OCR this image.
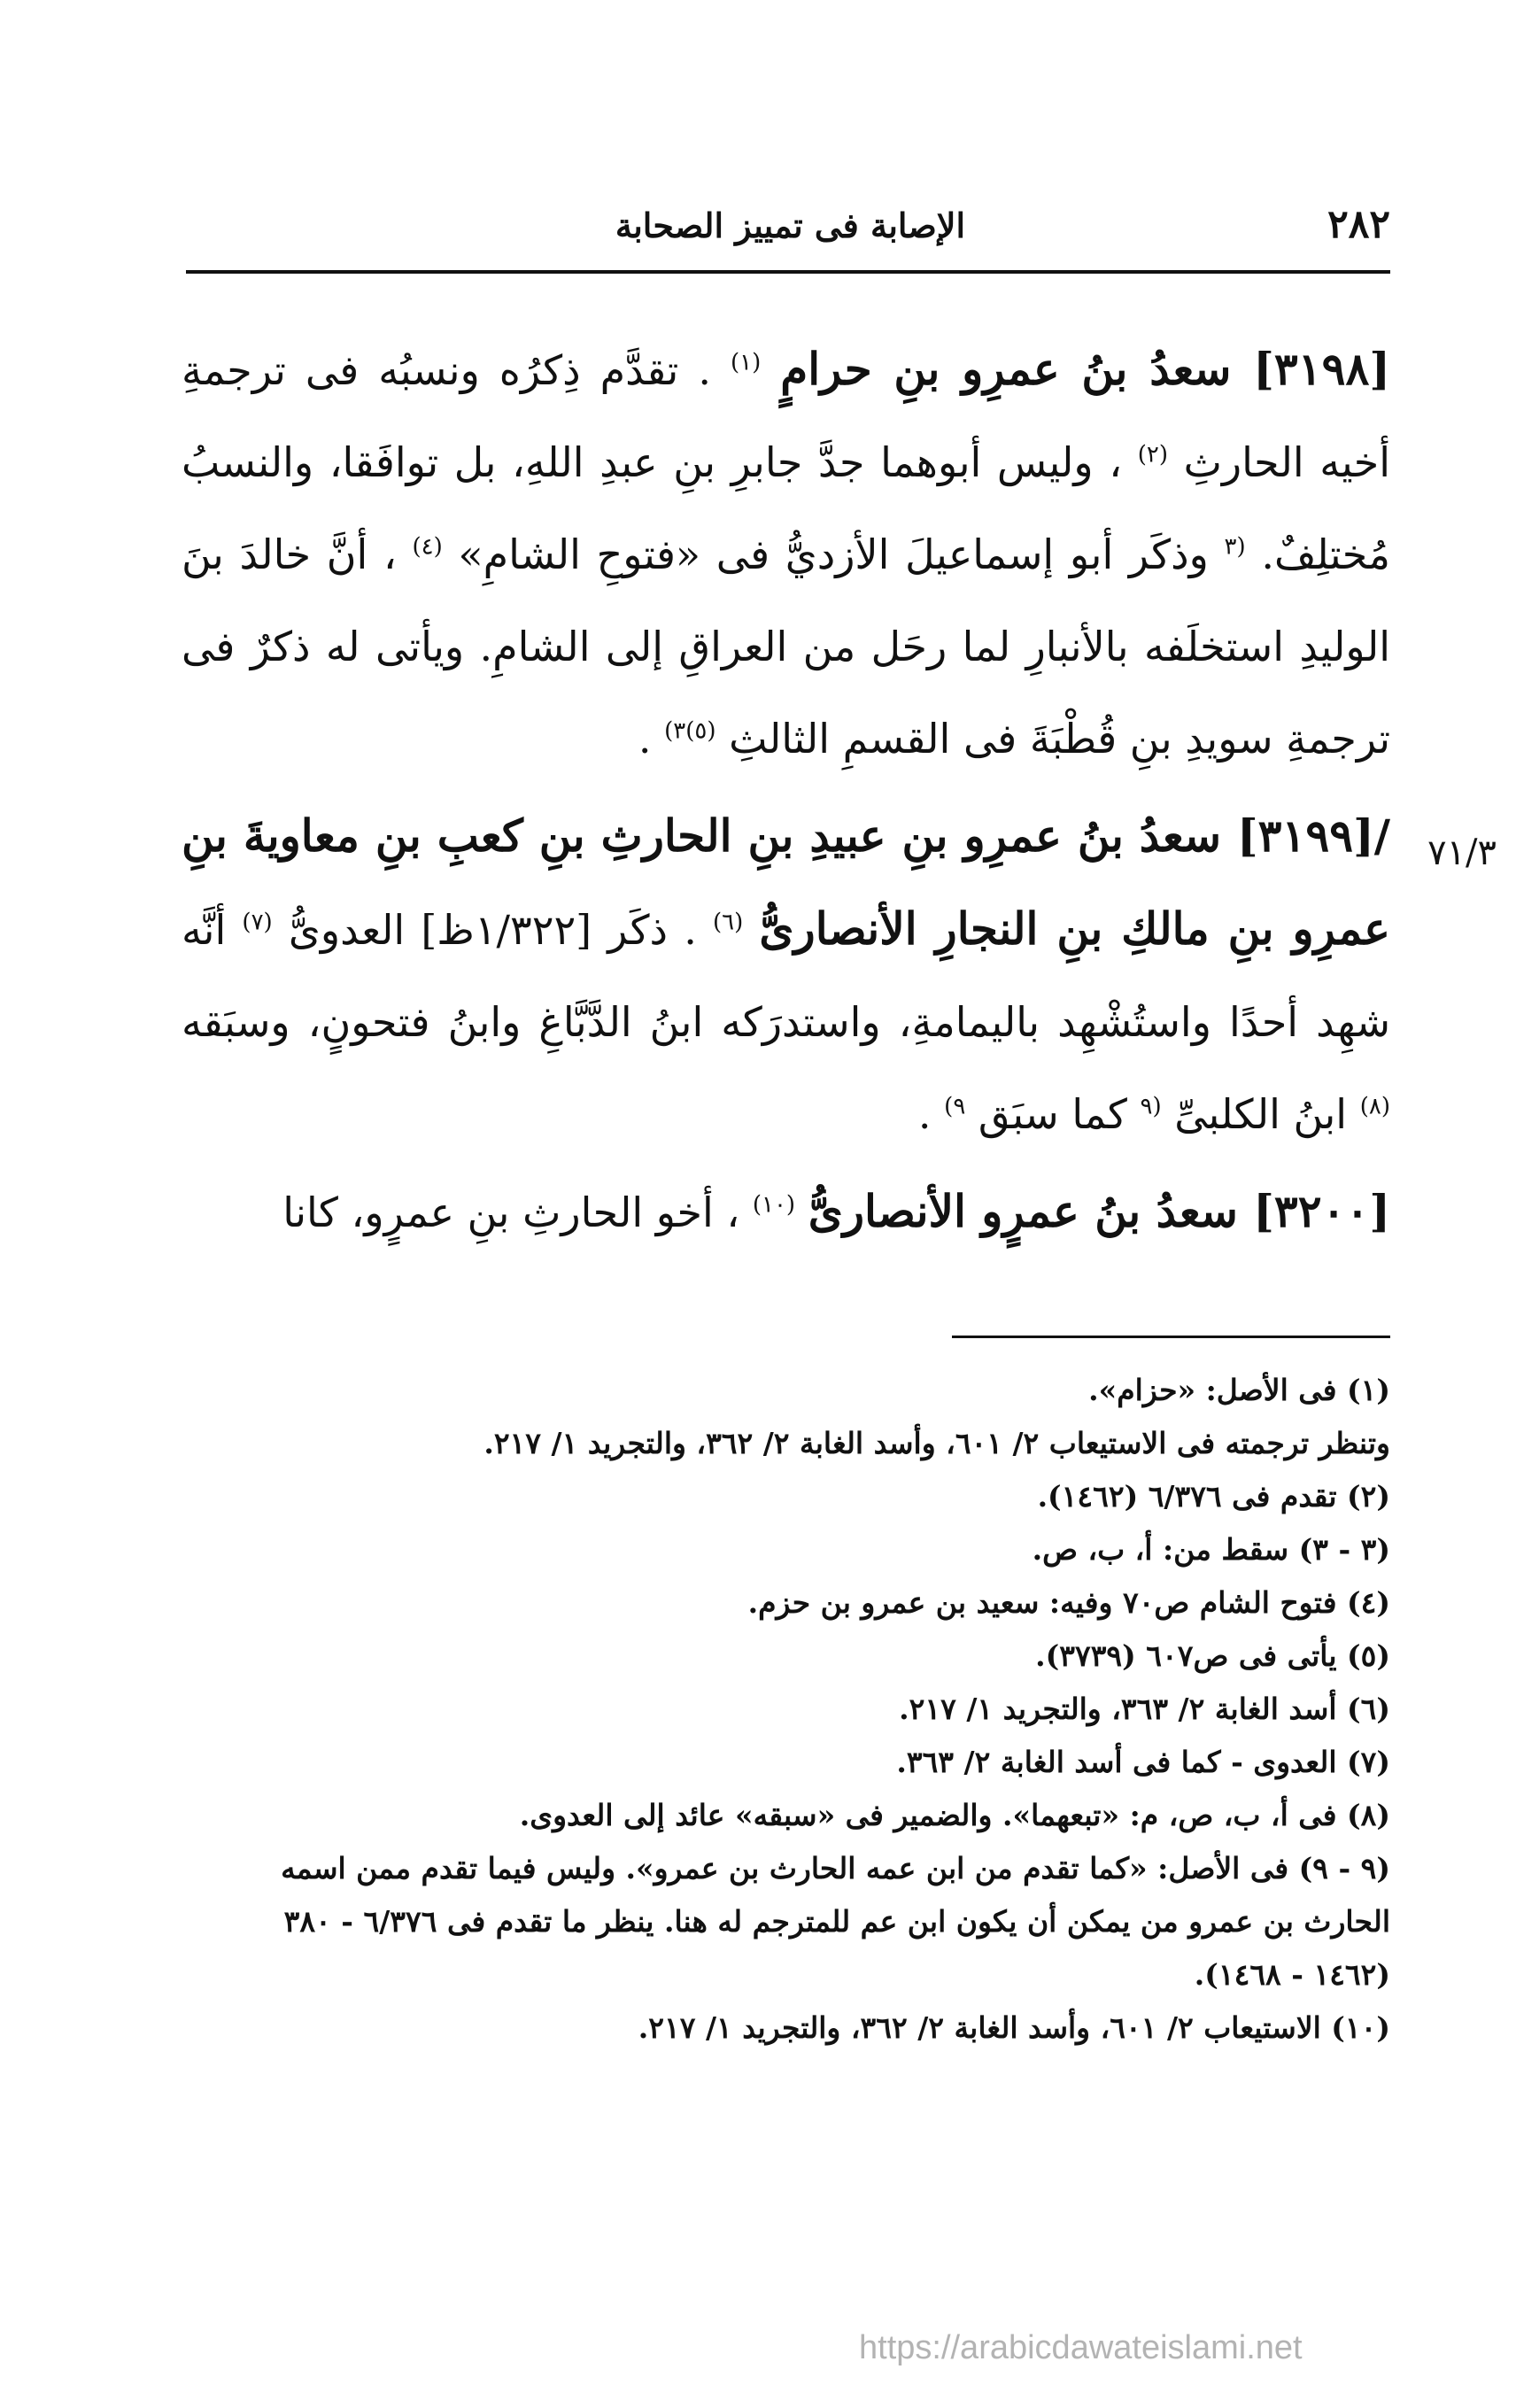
٢٨٢
الإصابة فى تمييز الصحابة
٧١/٣

[٣١٩٨] سعدُ بنُ عمرِو بنِ حرامٍ $^{(١)}$ . تقدَّم ذِكرُه ونسبُه فى ترجمةِ أخيه الحارثِ $^{(٢)}$ ، وليس أبوهما جدَّ جابرِ بنِ عبدِ اللهِ، بل توافَقا، والنسبُ مُختلِفٌ. $^{(٣}$ وذكَر أبو إسماعيلَ الأزديُّ فى «فتوحِ الشامِ» $^{(٤)}$ ، أنَّ خالدَ بنَ الوليدِ استخلَفه بالأنبارِ لما رحَل من العراقِ إلى الشامِ. ويأتى له ذكرٌ فى ترجمةِ سويدِ بنِ قُطْبَةَ فى القسمِ الثالثِ $^{(٥)٣)}$ .

/[٣١٩٩] سعدُ بنُ عمرِو بنِ عبيدِ بنِ الحارثِ بنِ كعبِ بنِ معاويةَ بنِ عمرِو بنِ مالكِ بنِ النجارِ الأنصارىُّ $^{(٦)}$ . ذكَر [١/٣٢٢ظ] العدوىُّ $^{(٧)}$ أنَّه شهِد أحدًا واستُشْهِد باليمامةِ، واستدرَكه ابنُ الدَّبَّاغِ وابنُ فتحونٍ، وسبَقه $^{(٨)}$ ابنُ الكلبىِّ $^{(٩}$ كما سبَق $^{٩)}$ .

[٣٢٠٠] سعدُ بنُ عمرٍو الأنصارىُّ $^{(١٠)}$ ، أخو الحارثِ بنِ عمرٍو، كانا

(١) فى الأصل: «حزام».

وتنظر ترجمته فى الاستيعاب ٢/ ٦٠١، وأسد الغابة ٢/ ٣٦٢، والتجريد ١/ ٢١٧.

(٢) تقدم فى ٦/٣٧٦ (١٤٦٢).

(٣ - ٣) سقط من: أ، ب، ص.

(٤) فتوح الشام ص٧٠ وفيه: سعيد بن عمرو بن حزم.

(٥) يأتى فى ص٦٠٧ (٣٧٣٩).

(٦) أسد الغابة ٢/ ٣٦٣، والتجريد ١/ ٢١٧.

(٧) العدوى - كما فى أسد الغابة ٢/ ٣٦٣.

(٨) فى أ، ب، ص، م: «تبعهما». والضمير فى «سبقه» عائد إلى العدوى.

(٩ - ٩) فى الأصل: «كما تقدم من ابن عمه الحارث بن عمرو». وليس فيما تقدم ممن اسمه الحارث بن عمرو من يمكن أن يكون ابن عم للمترجم له هنا. ينظر ما تقدم فى ٦/٣٧٦ - ٣٨٠ (١٤٦٢ - ١٤٦٨).

(١٠) الاستيعاب ٢/ ٦٠١، وأسد الغابة ٢/ ٣٦٢، والتجريد ١/ ٢١٧.

https://arabicdawateislami.net
